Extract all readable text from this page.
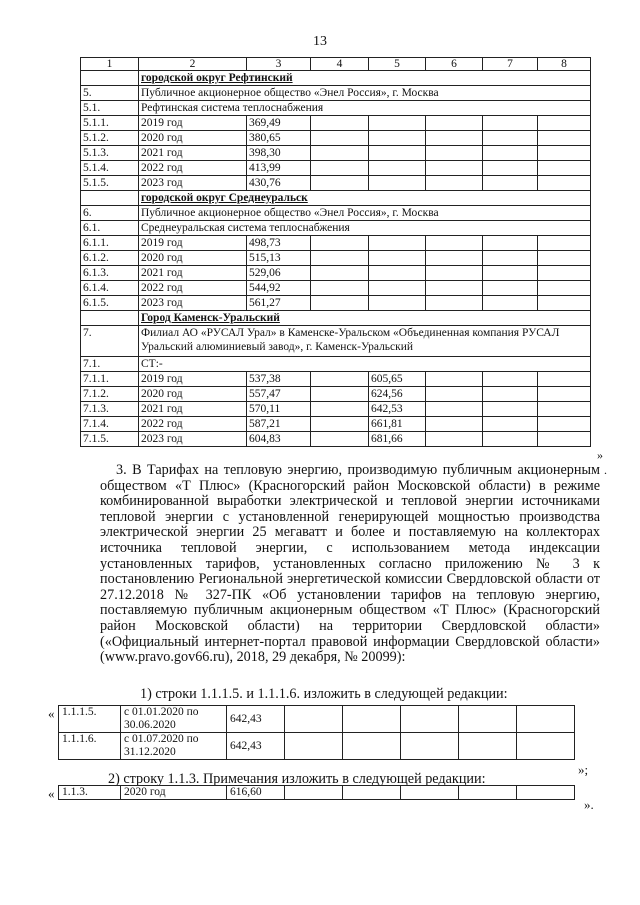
13
1	2	3	4	5	6	7	8
	городской округ Рефтинский						
5.	Публичное акционерное общество «Энел Россия», г. Москва						
5.1.	Рефтинская система теплоснабжения						
5.1.1.	2019 год	369,49					
5.1.2.	2020 год	380,65					
5.1.3.	2021 год	398,30					
5.1.4.	2022 год	413,99					
5.1.5.	2023 год	430,76					
	городской округ Среднеуральск						
6.	Публичное акционерное общество «Энел Россия», г. Москва						
6.1.	Среднеуральская система теплоснабжения						
6.1.1.	2019 год	498,73					
6.1.2.	2020 год	515,13					
6.1.3.	2021 год	529,06					
6.1.4.	2022 год	544,92					
6.1.5.	2023 год	561,27					
	Город Каменск-Уральский						
7.	Филиал АО «РУСАЛ Урал» в Каменске-Уральском «Объединенная компания РУСАЛ Уральский алюминиевый завод», г. Каменск-Уральский						
7.1.	СТ:-						
7.1.1.	2019 год	537,38		605,65			
7.1.2.	2020 год	557,47		624,56			
7.1.3.	2021 год	570,11		642,53			
7.1.4.	2022 год	587,21		661,81			
7.1.5.	2023 год	604,83		681,66			
»
.
3. В Тарифах на тепловую энергию, производимую публичным акционерным обществом «Т Плюс» (Красногорский район Московской области) в режиме комбинированной выработки электрической и тепловой энергии источниками тепловой энергии с установленной генерирующей мощностью производства электрической энергии 25 мегаватт и более и поставляемую на коллекторах источника тепловой энергии, с использованием метода индексации установленных тарифов, установленных согласно приложению № 3 к постановлению Региональной энергетической комиссии Свердловской области от 27.12.2018 № 327-ПК «Об установлении тарифов на тепловую энергию, поставляемую публичным акционерным обществом «Т Плюс» (Красногорский район Московской области) на территории Свердловской области» («Официальный интернет-портал правовой информации Свердловской области» (www.pravo.gov66.ru), 2018, 29 декабря, № 20099):
1) строки 1.1.1.5. и 1.1.1.6. изложить в следующей редакции:
« 1.1.1.5.	с 01.01.2020 по 30.06.2020	642,43					
1.1.1.6.	с 01.07.2020 по 31.12.2020	642,43					
»;
2) строку 1.1.3. Примечания изложить в следующей редакции:
« 1.1.3.	2020 год	616,60					
».
